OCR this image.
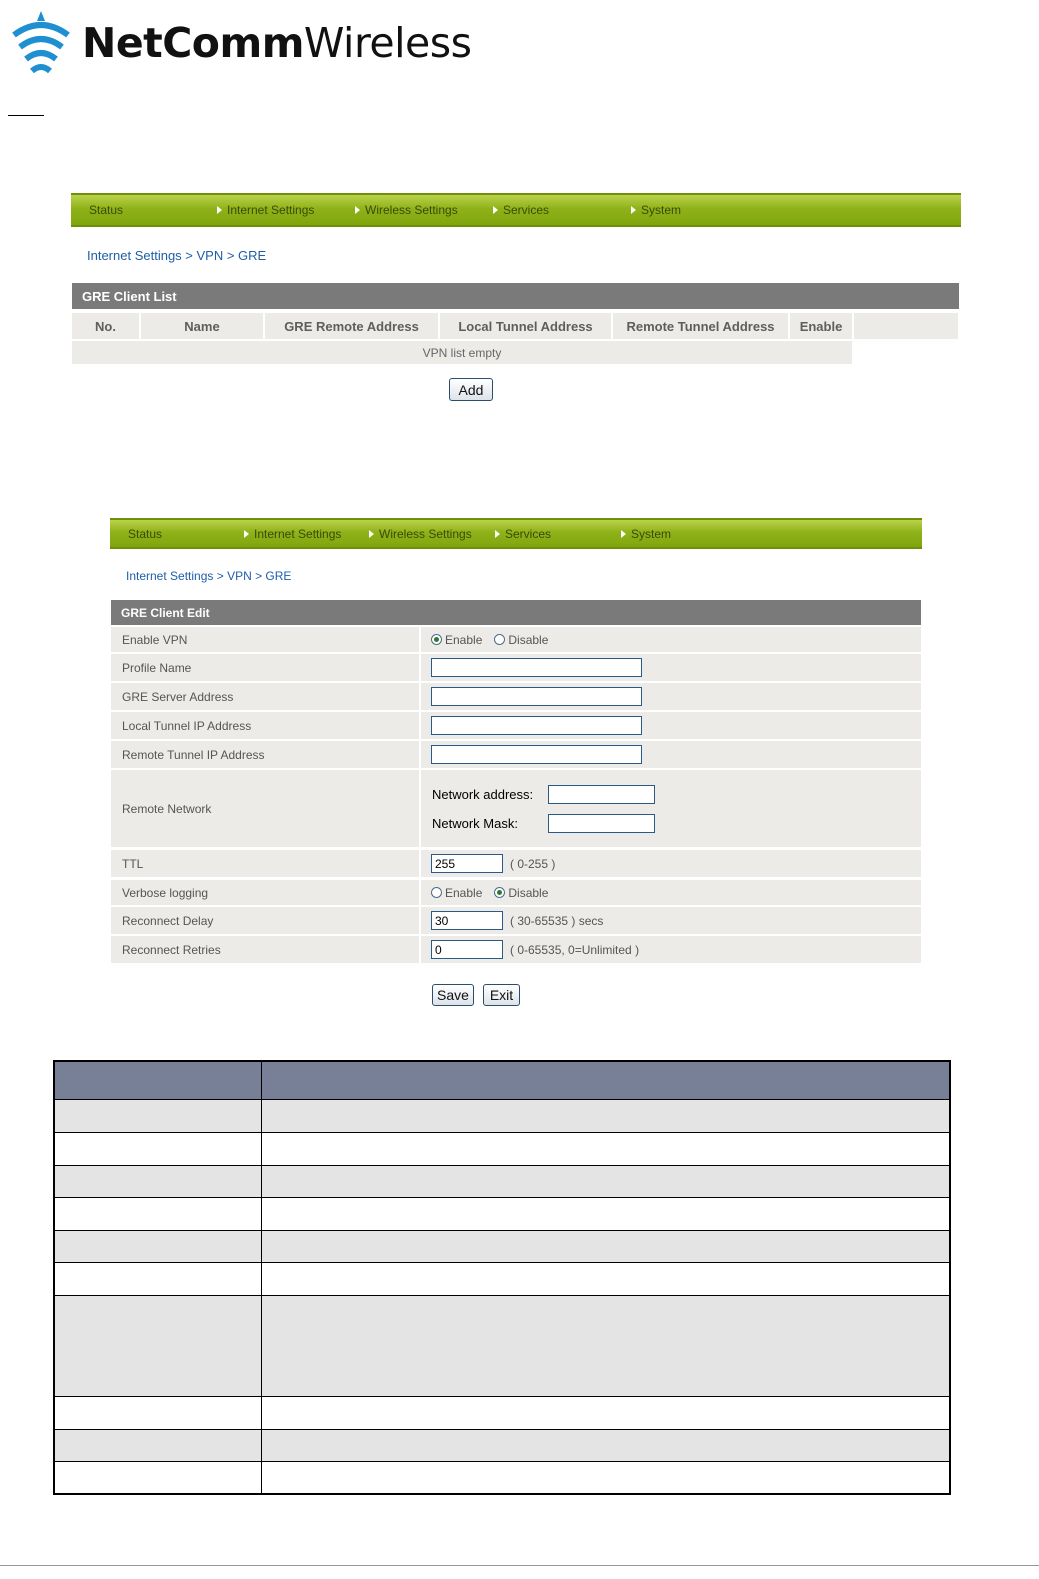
NetCommWireless
Status	Internet Settings	Wireless Settings	Services	System
Internet Settings > VPN > GRE
GRE Client List
No.	Name	GRE Remote Address	Local Tunnel Address	Remote Tunnel Address	Enable
VPN list empty
Add
Status	Internet Settings	Wireless Settings	Services	System
Internet Settings > VPN > GRE
GRE Client Edit
Enable VPN	Enable Disable
Profile Name
GRE Server Address
Local Tunnel IP Address
Remote Tunnel IP Address
Remote Network
Network address:
Network Mask:
TTL	255	( 0-255 )
Verbose logging	Enable Disable
Reconnect Delay	30	( 30-65535 ) secs
Reconnect Retries	0	( 0-65535, 0=Unlimited )
Save	Exit
